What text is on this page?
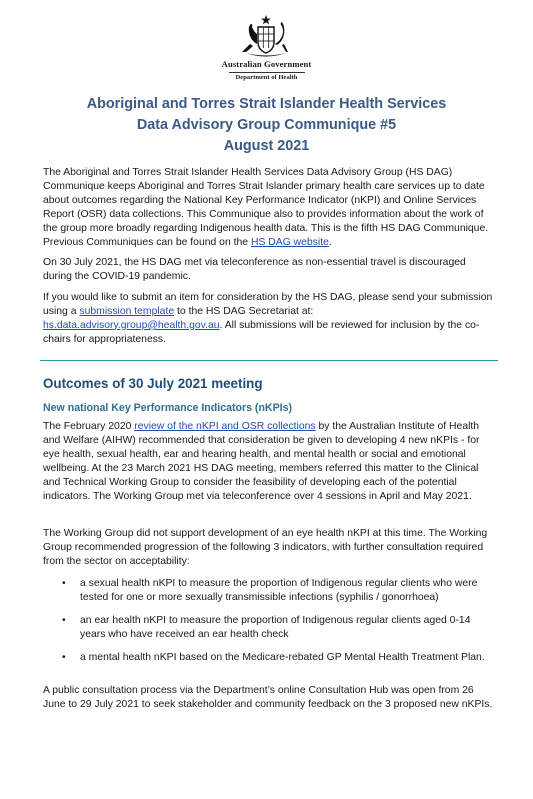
Australian Government
Department of Health
Aboriginal and Torres Strait Islander Health Services
Data Advisory Group Communique #5
August 2021

The Aboriginal and Torres Strait Islander Health Services Data Advisory Group (HS DAG) Communique keeps Aboriginal and Torres Strait Islander primary health care services up to date about outcomes regarding the National Key Performance Indicator (nKPI) and Online Services Report (OSR) data collections. This Communique also to provides information about the work of the group more broadly regarding Indigenous health data. This is the fifth HS DAG Communique. Previous Communiques can be found on the HS DAG website.

On 30 July 2021, the HS DAG met via teleconference as non-essential travel is discouraged during the COVID-19 pandemic.

If you would like to submit an item for consideration by the HS DAG, please send your submission using a submission template to the HS DAG Secretariat at: hs.data.advisory.group@health.gov.au. All submissions will be reviewed for inclusion by the co-chairs for appropriateness.

Outcomes of 30 July 2021 meeting
New national Key Performance Indicators (nKPIs)

The February 2020 review of the nKPI and OSR collections by the Australian Institute of Health and Welfare (AIHW) recommended that consideration be given to developing 4 new nKPIs - for eye health, sexual health, ear and hearing health, and mental health or social and emotional wellbeing. At the 23 March 2021 HS DAG meeting, members referred this matter to the Clinical and Technical Working Group to consider the feasibility of developing each of the potential indicators. The Working Group met via teleconference over 4 sessions in April and May 2021.

The Working Group did not support development of an eye health nKPI at this time. The Working Group recommended progression of the following 3 indicators, with further consultation required from the sector on acceptability:

• a sexual health nKPI to measure the proportion of Indigenous regular clients who were tested for one or more sexually transmissible infections (syphilis / gonorrhoea)
• an ear health nKPI to measure the proportion of Indigenous regular clients aged 0-14 years who have received an ear health check
• a mental health nKPI based on the Medicare-rebated GP Mental Health Treatment Plan.

A public consultation process via the Department’s online Consultation Hub was open from 26 June to 29 July 2021 to seek stakeholder and community feedback on the 3 proposed new nKPIs.
